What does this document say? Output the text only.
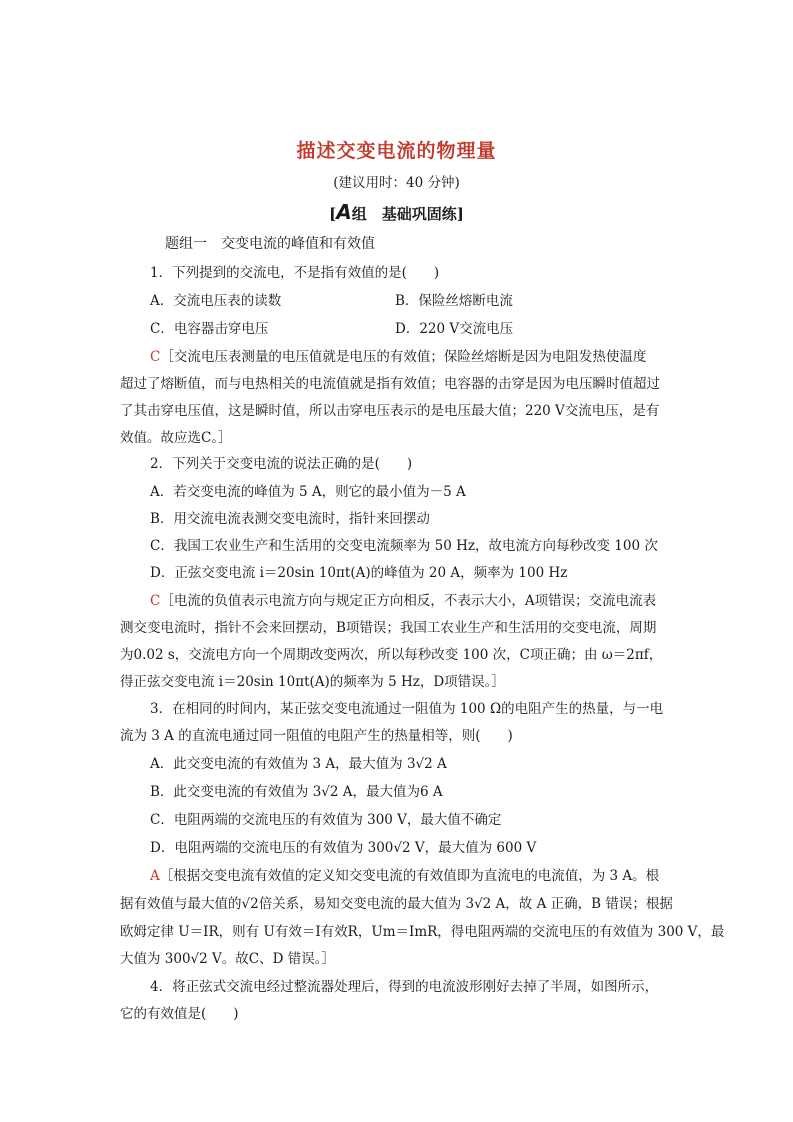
描述交变电流的物理量
(建议用时：40 分钟)
[A组　基础巩固练]
题组一　交变电流的峰值和有效值
1．下列提到的交流电，不是指有效值的是(　　)
A．交流电压表的读数	B．保险丝熔断电流
C．电容器击穿电压	D．220 V交流电压
C［交流电压表测量的电压值就是电压的有效值；保险丝熔断是因为电阻发热使温度
超过了熔断值，而与电热相关的电流值就是指有效值；电容器的击穿是因为电压瞬时值超过
了其击穿电压值，这是瞬时值，所以击穿电压表示的是电压最大值；220 V交流电压，是有
效值。故应选C。］
2．下列关于交变电流的说法正确的是(　　)
A．若交变电流的峰值为 5 A，则它的最小值为－5 A
B．用交流电流表测交变电流时，指针来回摆动
C．我国工农业生产和生活用的交变电流频率为 50 Hz，故电流方向每秒改变 100 次
D．正弦交变电流 i＝20sin 10πt(A)的峰值为 20 A，频率为 100 Hz
C［电流的负值表示电流方向与规定正方向相反，不表示大小，A项错误；交流电流表
测交变电流时，指针不会来回摆动，B项错误；我国工农业生产和生活用的交变电流，周期
为0.02 s，交流电方向一个周期改变两次，所以每秒改变 100 次，C项正确；由 ω＝2πf，
得正弦交变电流 i＝20sin 10πt(A)的频率为 5 Hz，D项错误。］
3．在相同的时间内，某正弦交变电流通过一阻值为 100 Ω的电阻产生的热量，与一电
流为 3 A 的直流电通过同一阻值的电阻产生的热量相等，则(　　)
A．此交变电流的有效值为 3 A，最大值为 3√2 A
B．此交变电流的有效值为 3√2 A，最大值为6 A
C．电阻两端的交流电压的有效值为 300 V，最大值不确定
D．电阻两端的交流电压的有效值为 300√2 V，最大值为 600 V
A［根据交变电流有效值的定义知交变电流的有效值即为直流电的电流值，为 3 A。根
据有效值与最大值的√2倍关系，易知交变电流的最大值为 3√2 A，故 A 正确，B 错误；根据
欧姆定律 U＝IR，则有 U有效＝I有效R，Um＝ImR，得电阻两端的交流电压的有效值为 300 V，最
大值为 300√2 V。故C、D 错误。］
4．将正弦式交流电经过整流器处理后，得到的电流波形刚好去掉了半周，如图所示，
它的有效值是(　　)
